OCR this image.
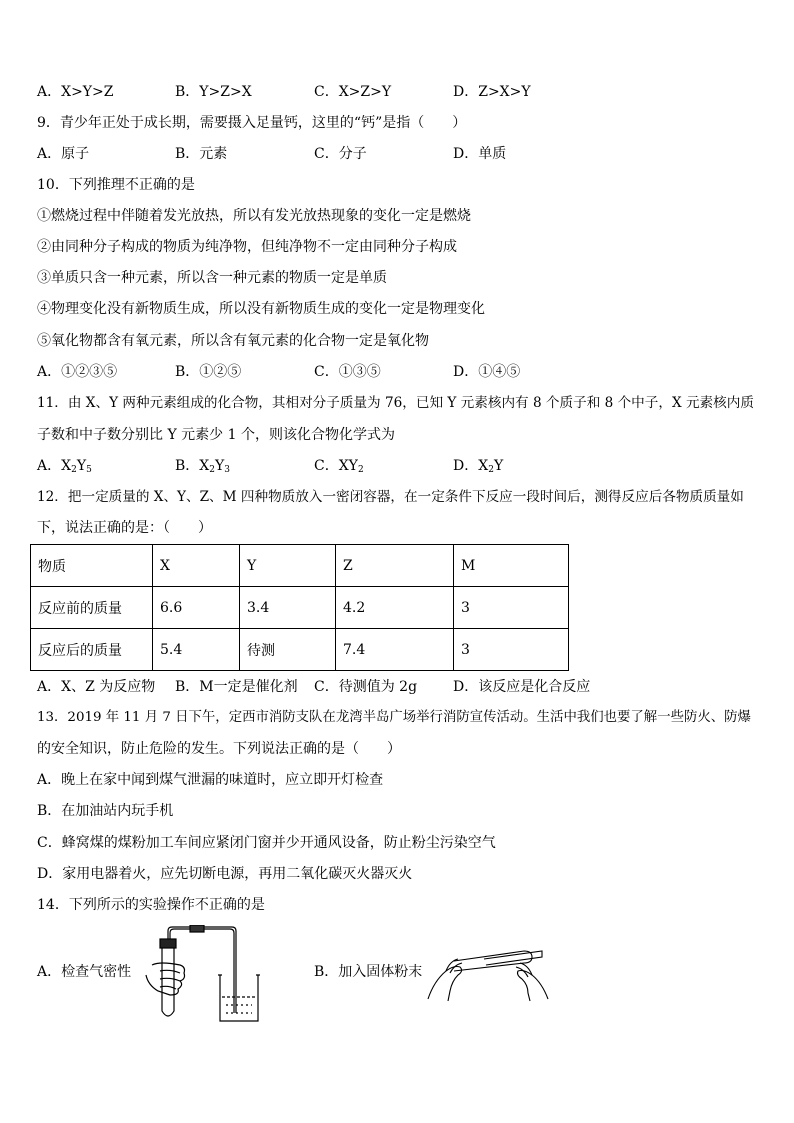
A．X>Y>Z	B．Y>Z>X	C．X>Z>Y	D．Z>X>Y
9．青少年正处于成长期，需要摄入足量钙，这里的“钙”是指（　　）
A．原子	B．元素	C．分子	D．单质
10．下列推理不正确的是
①燃烧过程中伴随着发光放热，所以有发光放热现象的变化一定是燃烧
②由同种分子构成的物质为纯净物，但纯净物不一定由同种分子构成
③单质只含一种元素，所以含一种元素的物质一定是单质
④物理变化没有新物质生成，所以没有新物质生成的变化一定是物理变化
⑤氧化物都含有氧元素，所以含有氧元素的化合物一定是氧化物
A．①②③⑤	B．①②⑤	C．①③⑤	D．①④⑤
11．由 X、Y 两种元素组成的化合物，其相对分子质量为 76，已知 Y 元素核内有 8 个质子和 8 个中子，X 元素核内质
子数和中子数分别比 Y 元素少 1 个，则该化合物化学式为
A．$X_2Y_5$	B．$X_2Y_3$	C．$XY_2$	D．$X_2Y$
12．把一定质量的 X、Y、Z、M 四种物质放入一密闭容器，在一定条件下反应一段时间后，测得反应后各物质质量如
下，说法正确的是：（　　）
物质	X	Y	Z	M
反应前的质量	6.6	3.4	4.2	3
反应后的质量	5.4	待测	7.4	3
A．X、Z 为反应物 B．M一定是催化剂 C．待测值为 2g	D．该反应是化合反应
13．2019 年 11 月 7 日下午，定西市消防支队在龙湾半岛广场举行消防宣传活动。生活中我们也要了解一些防火、防爆
的安全知识，防止危险的发生。下列说法正确的是（　　）
A．晚上在家中闻到煤气泄漏的味道时，应立即开灯检查
B．在加油站内玩手机
C．蜂窝煤的煤粉加工车间应紧闭门窗并少开通风设备，防止粉尘污染空气
D．家用电器着火，应先切断电源，再用二氧化碳灭火器灭火
14．下列所示的实验操作不正确的是
A．检查气密性	B．加入固体粉末
